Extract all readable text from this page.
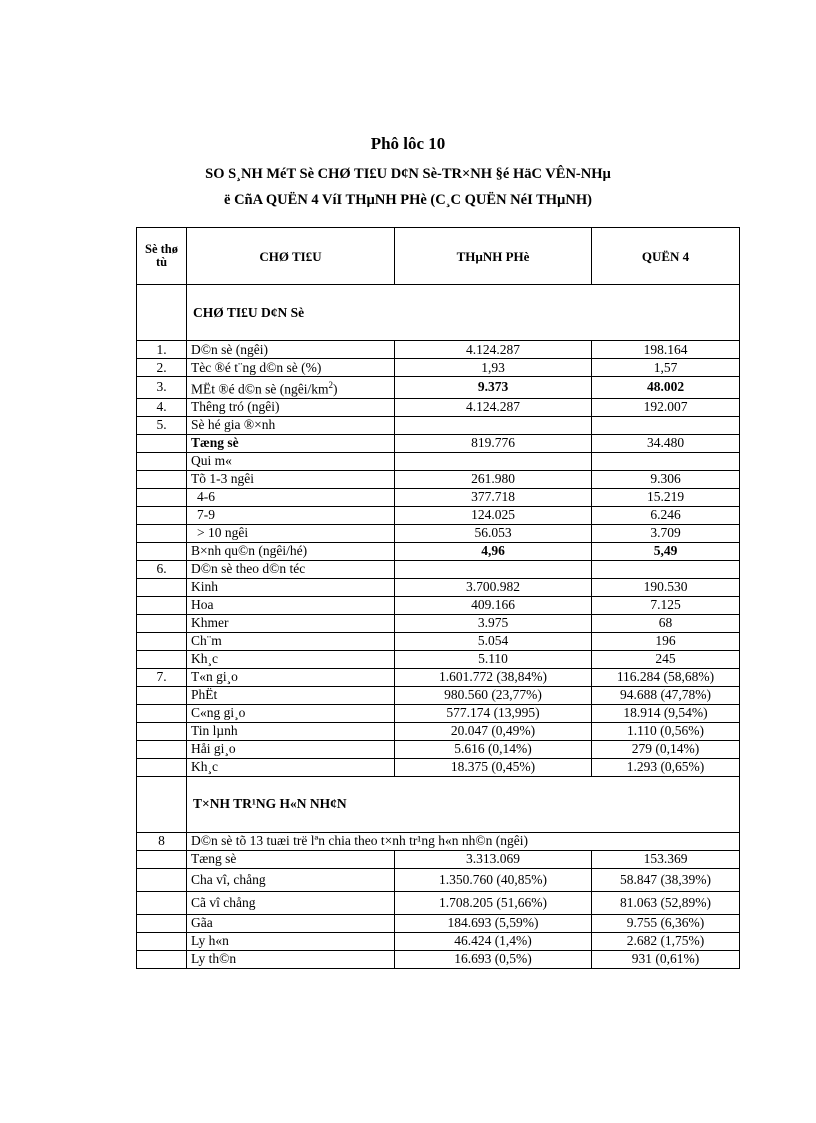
Phô lôc 10
SO S¸NH MéT Sè CHØ TI£U D¢N Sè-TR×NH §é HäC VÊN-NHµ
ë CñA QUËN 4 VíI THµNH PHè (C¸C QUËN NéI THµNH)
Sè thø tù	CHØ TI£U	THµNH PHè	QUËN 4
	CHØ TI£U D¢N Sè		
1.	D©n sè (ngêi)	4.124.287	198.164
2.	Tèc ®é t¨ng d©n sè (%)	1,93	1,57
3.	MËt ®é d©n sè $(ngêi/km^2)$	9.373	48.002
4.	Thêng tró (ngêi)	4.124.287	192.007
5.	Sè hé gia ®×nh		
	Tæng sè	819.776	34.480
	Qui m«		
	Tõ 1-3 ngêi	261.980	9.306
	4-6	377.718	15.219
	7-9	124.025	6.246
	> 10 ngêi	56.053	3.709
	B×nh qu©n (ngêi/hé)	4,96	5,49
6.	D©n sè theo d©n téc		
	Kinh	3.700.982	190.530
	Hoa	409.166	7.125
	Khmer	3.975	68
	Ch¨m	5.054	196
	Kh¸c	5.110	245
7.	T«n gi¸o	1.601.772 (38,84%)	116.284 (58,68%)
	PhËt	980.560 (23,77%)	94.688 (47,78%)
	C«ng gi¸o	577.174 (13,995)	18.914 (9,54%)
	Tin lµnh	20.047 (0,49%)	1.110 (0,56%)
	Håi gi¸o	5.616 (0,14%)	279 (0,14%)
	Kh¸c	18.375 (0,45%)	1.293 (0,65%)
	T×NH TR¹NG H«N NH¢N		
8	D©n sè tõ 13 tuæi trë lªn chia theo t×nh tr¹ng h«n nh©n (ngêi)		
	Tæng sè	3.313.069	153.369
	Cha vî, chång	1.350.760 (40,85%)	58.847 (38,39%)
	Cã vî chång	1.708.205 (51,66%)	81.063 (52,89%)
	Gãa	184.693 (5,59%)	9.755 (6,36%)
	Ly h«n	46.424 (1,4%)	2.682 (1,75%)
	Ly th©n	16.693 (0,5%)	931 (0,61%)
